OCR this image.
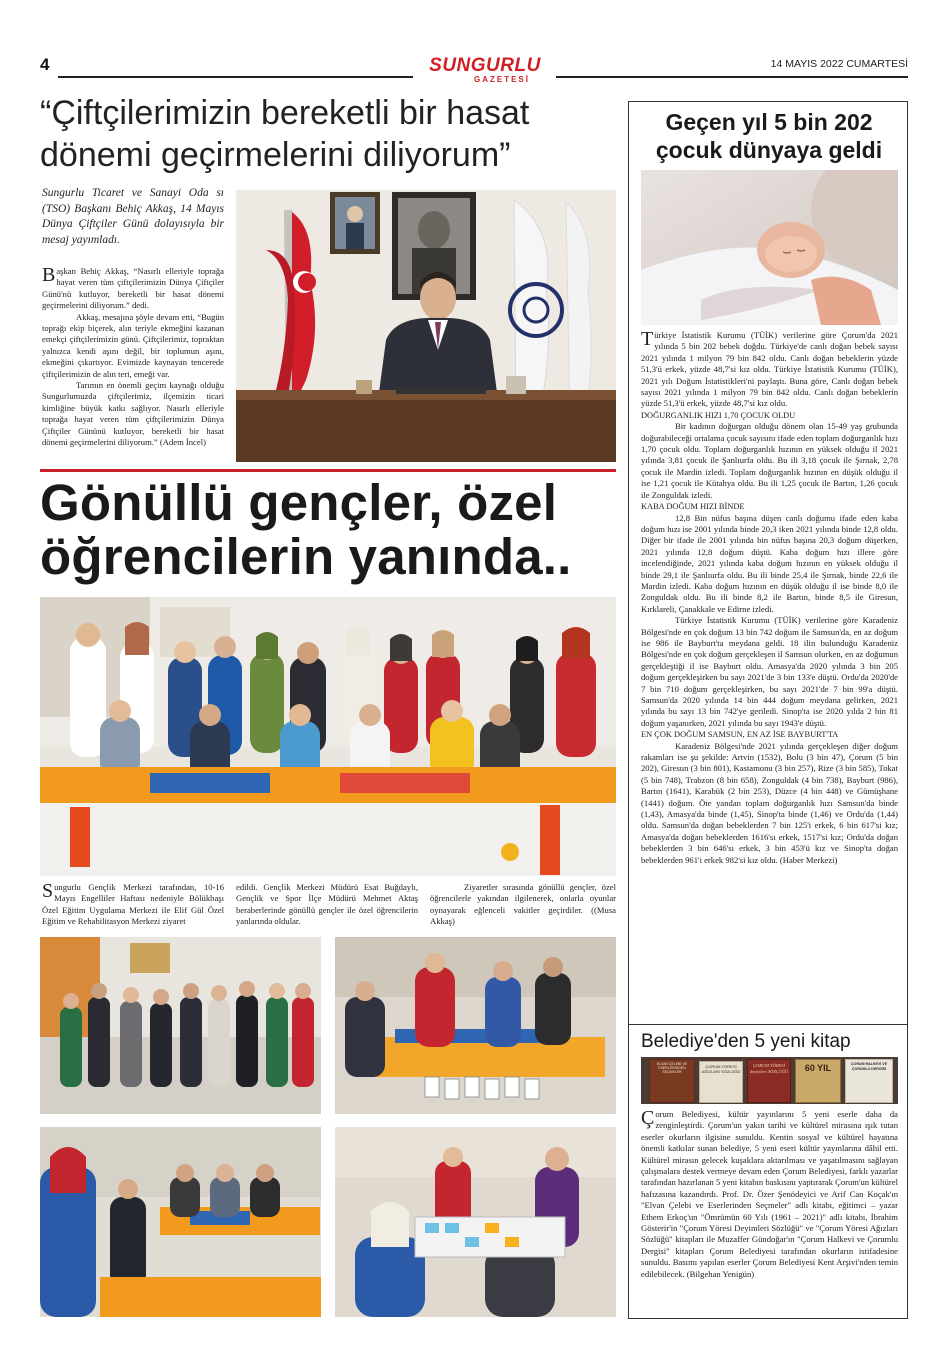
4	SUNGURLU
GAZETESİ
14 MAYIS 2022 CUMARTESİ
“Çiftçilerimizin bereketli bir hasat dönemi geçirmelerini diliyorum”
Sungurlu Ticaret ve Sanayi Oda sı (TSO) Başkanı Behiç Akkaş, 14 Mayıs Dünya Çiftçiler Günü dolayısıyla bir mesaj yayımladı.

Başkan Behiç Akkaş, “Nasırlı elleriyle toprağa hayat veren tüm çiftçilerimizin Dünya Çiftçiler Günü'nü kutluyor, bereketli bir hasat dönemi geçirmelerini diliyorum.” dedi.

Akkaş, mesajına şöyle devam etti, “Bugün toprağı ekip biçerek, alın teriyle ekmeğini kazanan emekçi çiftçilerimizin günü. Çiftçilerimiz, topraktan yalnızca kendi aşını değil, bir toplumun aşını, ekmeğini çıkartıyor. Evimizde kaynayan tencerede çiftçilerimizin de alın teri, emeği var.

Tarımın en önemli geçim kaynağı olduğu Sungurlumuzda çiftçilerimiz, ilçemizin ticari kimliğine büyük katkı sağlıyor. Nasırlı elleriyle toprağa hayat veren tüm çiftçilerimizin Dünya Çiftçiler Gününü kutluyor, bereketli bir hasat dönemi geçirmelerini diliyorum.” (Adem İncel)

Gönüllü gençler, özel öğrencilerin yanında..

Sungurlu Gençlik Merkezi tarafından, 10-16 Mayıs Engelliler Haftası nedeniyle Bölükbaşı Özel Eğitim Uygulama Merkezi ile Elif Gül Özel Eğitim ve Rehabilitasyon Merkezi ziyaret

edildi. Gençlik Merkezi Müdürü Esat Buğdaylı, Gençlik ve Spor İlçe Müdürü Mehmet Aktaş beraberlerinde gönüllü gençler ile özel öğrencilerin yanlarında oldular.

Ziyaretler sırasında gönüllü gençler, özel öğrencilerle yakından ilgilenerek, onlarla oyunlar oynayarak eğlenceli vakitler geçirdiler. ((Musa Akkaş)

Geçen yıl 5 bin 202 çocuk dünyaya geldi

Türkiye İstatistik Kurumu (TÜİK) verilerine göre Çorum'da 2021 yılında 5 bin 202 bebek doğdu. Türkiye'de canlı doğan bebek sayısı 2021 yılında 1 milyon 79 bin 842 oldu. Canlı doğan bebeklerin yüzde 51,3'ü erkek, yüzde 48,7'si kız oldu. Türkiye İstatistik Kurumu (TÜİK), 2021 yılı Doğum İstatistikleri'ni paylaştı. Buna göre, Canlı doğan bebek sayısı 2021 yılında 1 milyon 79 bin 842 oldu. Canlı doğan bebeklerin yüzde 51,3'ü erkek, yüzde 48,7'si kız oldu.

DOĞURGANLIK HIZI 1,70 ÇOCUK OLDU

Bir kadının doğurgan olduğu dönem olan 15-49 yaş grubunda doğurabileceği ortalama çocuk sayısını ifade eden toplam doğurganlık hızı 1,70 çocuk oldu. Toplam doğurganlık hızının en yüksek olduğu il 2021 yılında 3,81 çocuk ile Şanlıurfa oldu. Bu ili 3,18 çocuk ile Şırnak, 2,78 çocuk ile Mardin izledi. Toplam doğurganlık hızının en düşük olduğu il ise 1,21 çocuk ile Kütahya oldu. Bu ili 1,25 çocuk ile Bartın, 1,26 çocuk ile Zonguldak izledi.

KABA DOĞUM HIZI BİNDE

12,8 Bin nüfus başına düşen canlı doğumu ifade eden kaba doğum hızı ise 2001 yılında binde 20,3 iken 2021 yılında binde 12,8 oldu. Diğer bir ifade ile 2001 yılında bin nüfus başına 20,3 doğum düşerken, 2021 yılında 12,8 doğum düştü. Kaba doğum hızı illere göre incelendiğinde, 2021 yılında kaba doğum hızının en yüksek olduğu il binde 29,1 ile Şanlıurfa oldu. Bu ili binde 25,4 ile Şırnak, binde 22,6 ile Mardin izledi. Kaba doğum hızının en düşük olduğu il ise binde 8,0 ile Zonguldak oldu. Bu ili binde 8,2 ile Bartın, binde 8,5 ile Giresun, Kırklareli, Çanakkale ve Edirne izledi.

Türkiye İstatistik Kurumu (TÜİK) verilerine göre Karadeniz Bölgesi'nde en çok doğum 13 bin 742 doğum ile Samsun'da, en az doğum ise 986 ile Bayburt'ta meydana geldi. 18 ilin bulunduğu Karadeniz Bölgesi'nde en çok doğum gerçekleşen il Samsun olurken, en az doğumun gerçekleştiği il ise Bayburt oldu. Amasya'da 2020 yılında 3 bin 205 doğum gerçekleşirken bu sayı 2021'de 3 bin 133'e düştü. Ordu'da 2020'de 7 bin 710 doğum gerçekleşirken, bu sayı 2021'de 7 bin 99'a düştü. Samsun'da 2020 yılında 14 bin 444 doğum meydana gelirken, 2021 yılında bu sayı 13 bin 742'ye geriledi. Sinop'ta ise 2020 yılda 2 bin 81 doğum yaşanırken, 2021 yılında bu sayı 1943'e düştü.

EN ÇOK DOĞUM SAMSUN, EN AZ İSE BAYBURT'TA

Karadeniz Bölgesi'nde 2021 yılında gerçekleşen diğer doğum rakamları ise şu şekilde: Artvin (1532), Bolu (3 bin 47), Çorum (5 bin 202), Giresun (3 bin 801), Kastamonu (3 bin 257), Rize (3 bin 585), Tokat (5 bin 748), Trabzon (8 bin 658), Zonguldak (4 bin 738), Bayburt (986), Bartın (1641), Karabük (2 bin 253), Düzce (4 bin 448) ve Gümüşhane (1441) doğum. Öte yandan toplam doğurganlık hızı Samsun'da binde (1,43), Amasya'da binde (1,45), Sinop'ta binde (1,46) ve Ordu'da (1,44) oldu. Samsun'da doğan bebeklerden 7 bin 125'i erkek, 6 bin 617'si kız; Amasya'da doğan bebeklerden 1616'sı erkek, 1517'si kız; Ordu'da doğan bebeklerden 3 bin 646'sı erkek, 3 bin 453'ü kız ve Sinop'ta doğan bebeklerden 961'i erkek 982'si kız oldu. (Haber Merkezi)

Belediye'den 5 yeni kitap
ELVAN ÇELEBİ VE ESERLERİNDEN SEÇMELER
ÇORUM YÖRESİ AĞIZLARI SÖZLÜĞÜ
ÇORUM YÖRESİ deyimleri SÖZLÜĞÜ	60 YIL	ÇORUM HALKEVİ VE ÇORUMLU DERGİSİ

Çorum Belediyesi, kültür yayınlarını 5 yeni eserle daha da zenginleştirdi. Çorum'un yakın tarihi ve kültürel mirasına ışık tutan eserler okurların ilgisine sunuldu. Kentin sosyal ve kültürel hayatına önemli katkılar sunan belediye, 5 yeni eseri kültür yayınlarına dâhil etti. Kültürel mirasın gelecek kuşaklara aktarılması ve yaşatılmasını sağlayan çalışmalara destek vermeye devam eden Çorum Belediyesi, farklı yazarlar tarafından hazırlanan 5 yeni kitabın baskısını yaptırarak Çorum'un kültürel hafızasına kazandırdı. Prof. Dr. Özer Şenödeyici ve Arif Can Koçak'ın "Elvan Çelebi ve Eserlerinden Seçmeler" adlı kitabı, eğitimci – yazar Ethem Erkoç'un "Ömrümün 60 Yılı (1961 – 2021)" adlı kitabı, İbrahim Gösterir'in "Çorum Yöresi Deyimleri Sözlüğü" ve "Çorum Yöresi Ağızları Sözlüğü" kitapları ile Muzaffer Gündoğar'ın "Çorum Halkevi ve Çorumlu Dergisi" kitapları Çorum Belediyesi tarafından okurların istifadesine sunuldu. Basımı yapılan eserler Çorum Belediyesi Kent Arşivi'nden temin edilebilecek. (Bilgehan Yenigün)
